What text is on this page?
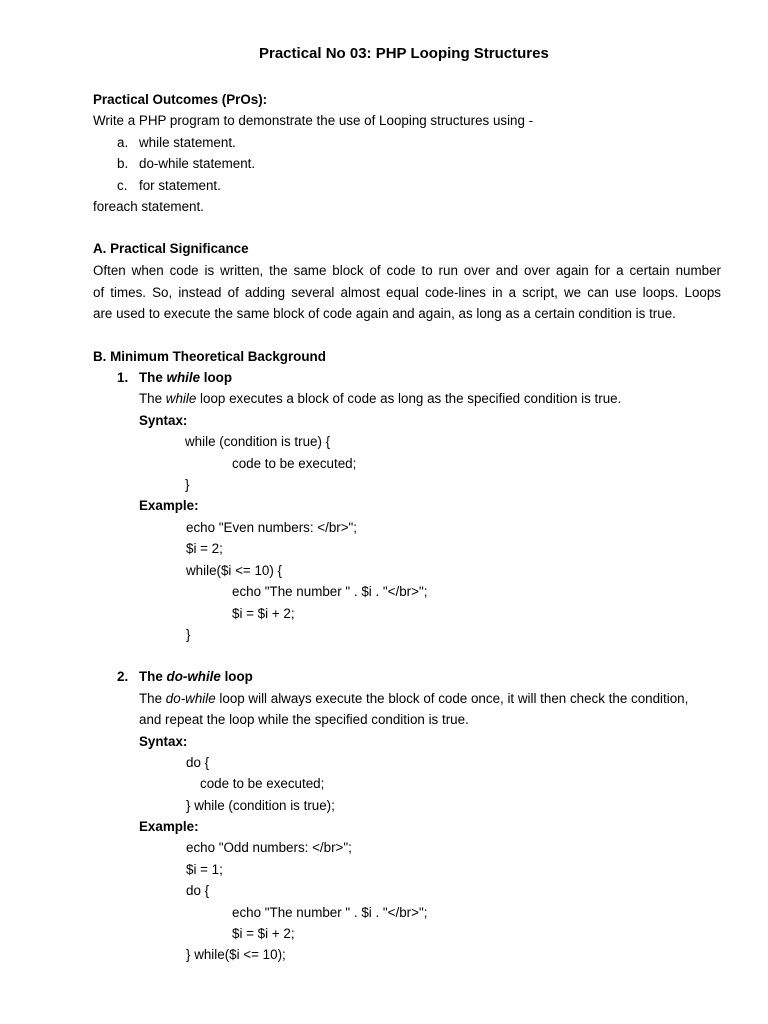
Practical No 03: PHP Looping Structures
Practical Outcomes (PrOs):
Write a PHP program to demonstrate the use of Looping structures using -
a. while statement.
b. do-while statement.
c. for statement.
foreach statement.
A. Practical Significance
Often when code is written, the same block of code to run over and over again for a certain number
of times. So, instead of adding several almost equal code-lines in a script, we can use loops. Loops
are used to execute the same block of code again and again, as long as a certain condition is true.
B. Minimum Theoretical Background
1. The while loop
The while loop executes a block of code as long as the specified condition is true.
Syntax:
while (condition is true) {
code to be executed;
}
Example:
echo "Even numbers: </br>";
$i = 2;
while($i <= 10) {
echo "The number " . $i . "</br>";
$i = $i + 2;
}
2. The do-while loop
The do-while loop will always execute the block of code once, it will then check the condition,
and repeat the loop while the specified condition is true.
Syntax:
do {
code to be executed;
} while (condition is true);
Example:
echo "Odd numbers: </br>";
$i = 1;
do {
echo "The number " . $i . "</br>";
$i = $i + 2;
} while($i <= 10);
